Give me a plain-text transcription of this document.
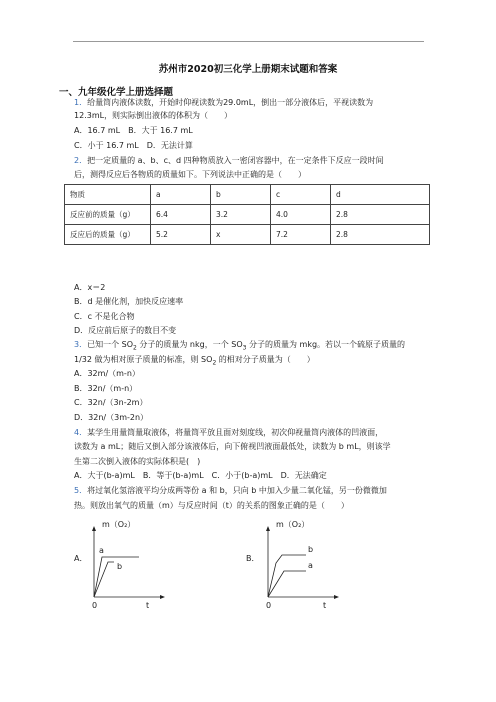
苏州市2020初三化学上册期末试题和答案
一、九年级化学上册选择题
1．给量筒内液体读数，开始时仰视读数为29.0mL，倒出一部分液体后，平视读数为
12.3mL，则实际倒出液体的体积为（　　）
A．16.7 mL　B．大于 16.7 mL
C．小于 16.7 mL　D．无法计算
2．把一定质量的 a、b、c、d 四种物质放入一密闭容器中，在一定条件下反应一段时间
后，测得反应后各物质的质量如下。下列说法中正确的是（　　）
物质	a	b	c	d
反应前的质量（g）	6.4	3.2	4.0	2.8
反应后的质量（g）	5.2	x	7.2	2.8
A．x＝2
B．d 是催化剂，加快反应速率
C．c 不是化合物
D．反应前后原子的数目不变
3．已知一个 $SO_2$ 分子的质量为 nkg，一个 $SO_3$ 分子的质量为 mkg。若以一个硫原子质量的
1/32 做为相对原子质量的标准，则 $SO_2$ 的相对分子质量为（　　）
A．32m/（m-n）
B．32n/（m-n）
C．32n/（3n-2m）
D．32n/（3m-2n）
4．某学生用量筒量取液体，将量筒平放且面对刻度线，初次仰视量筒内液体的凹液面，
读数为 a mL；随后又倒入部分该液体后，向下俯视凹液面最低处，读数为 b mL，则该学
生第二次倒入液体的实际体积是(　)
A．大于(b-a)mL　B．等于(b-a)mL　C．小于(b-a)mL　D．无法确定
5．将过氧化氢溶液平均分成两等份 a 和 b，只向 b 中加入少量二氧化锰，另一份微微加
热。则放出氧气的质量（m）与反应时间（t）的关系的图象正确的是（　　）
A．
m（O₂）
a
b
0	t
B．
m（O₂）
b
a
0	t
